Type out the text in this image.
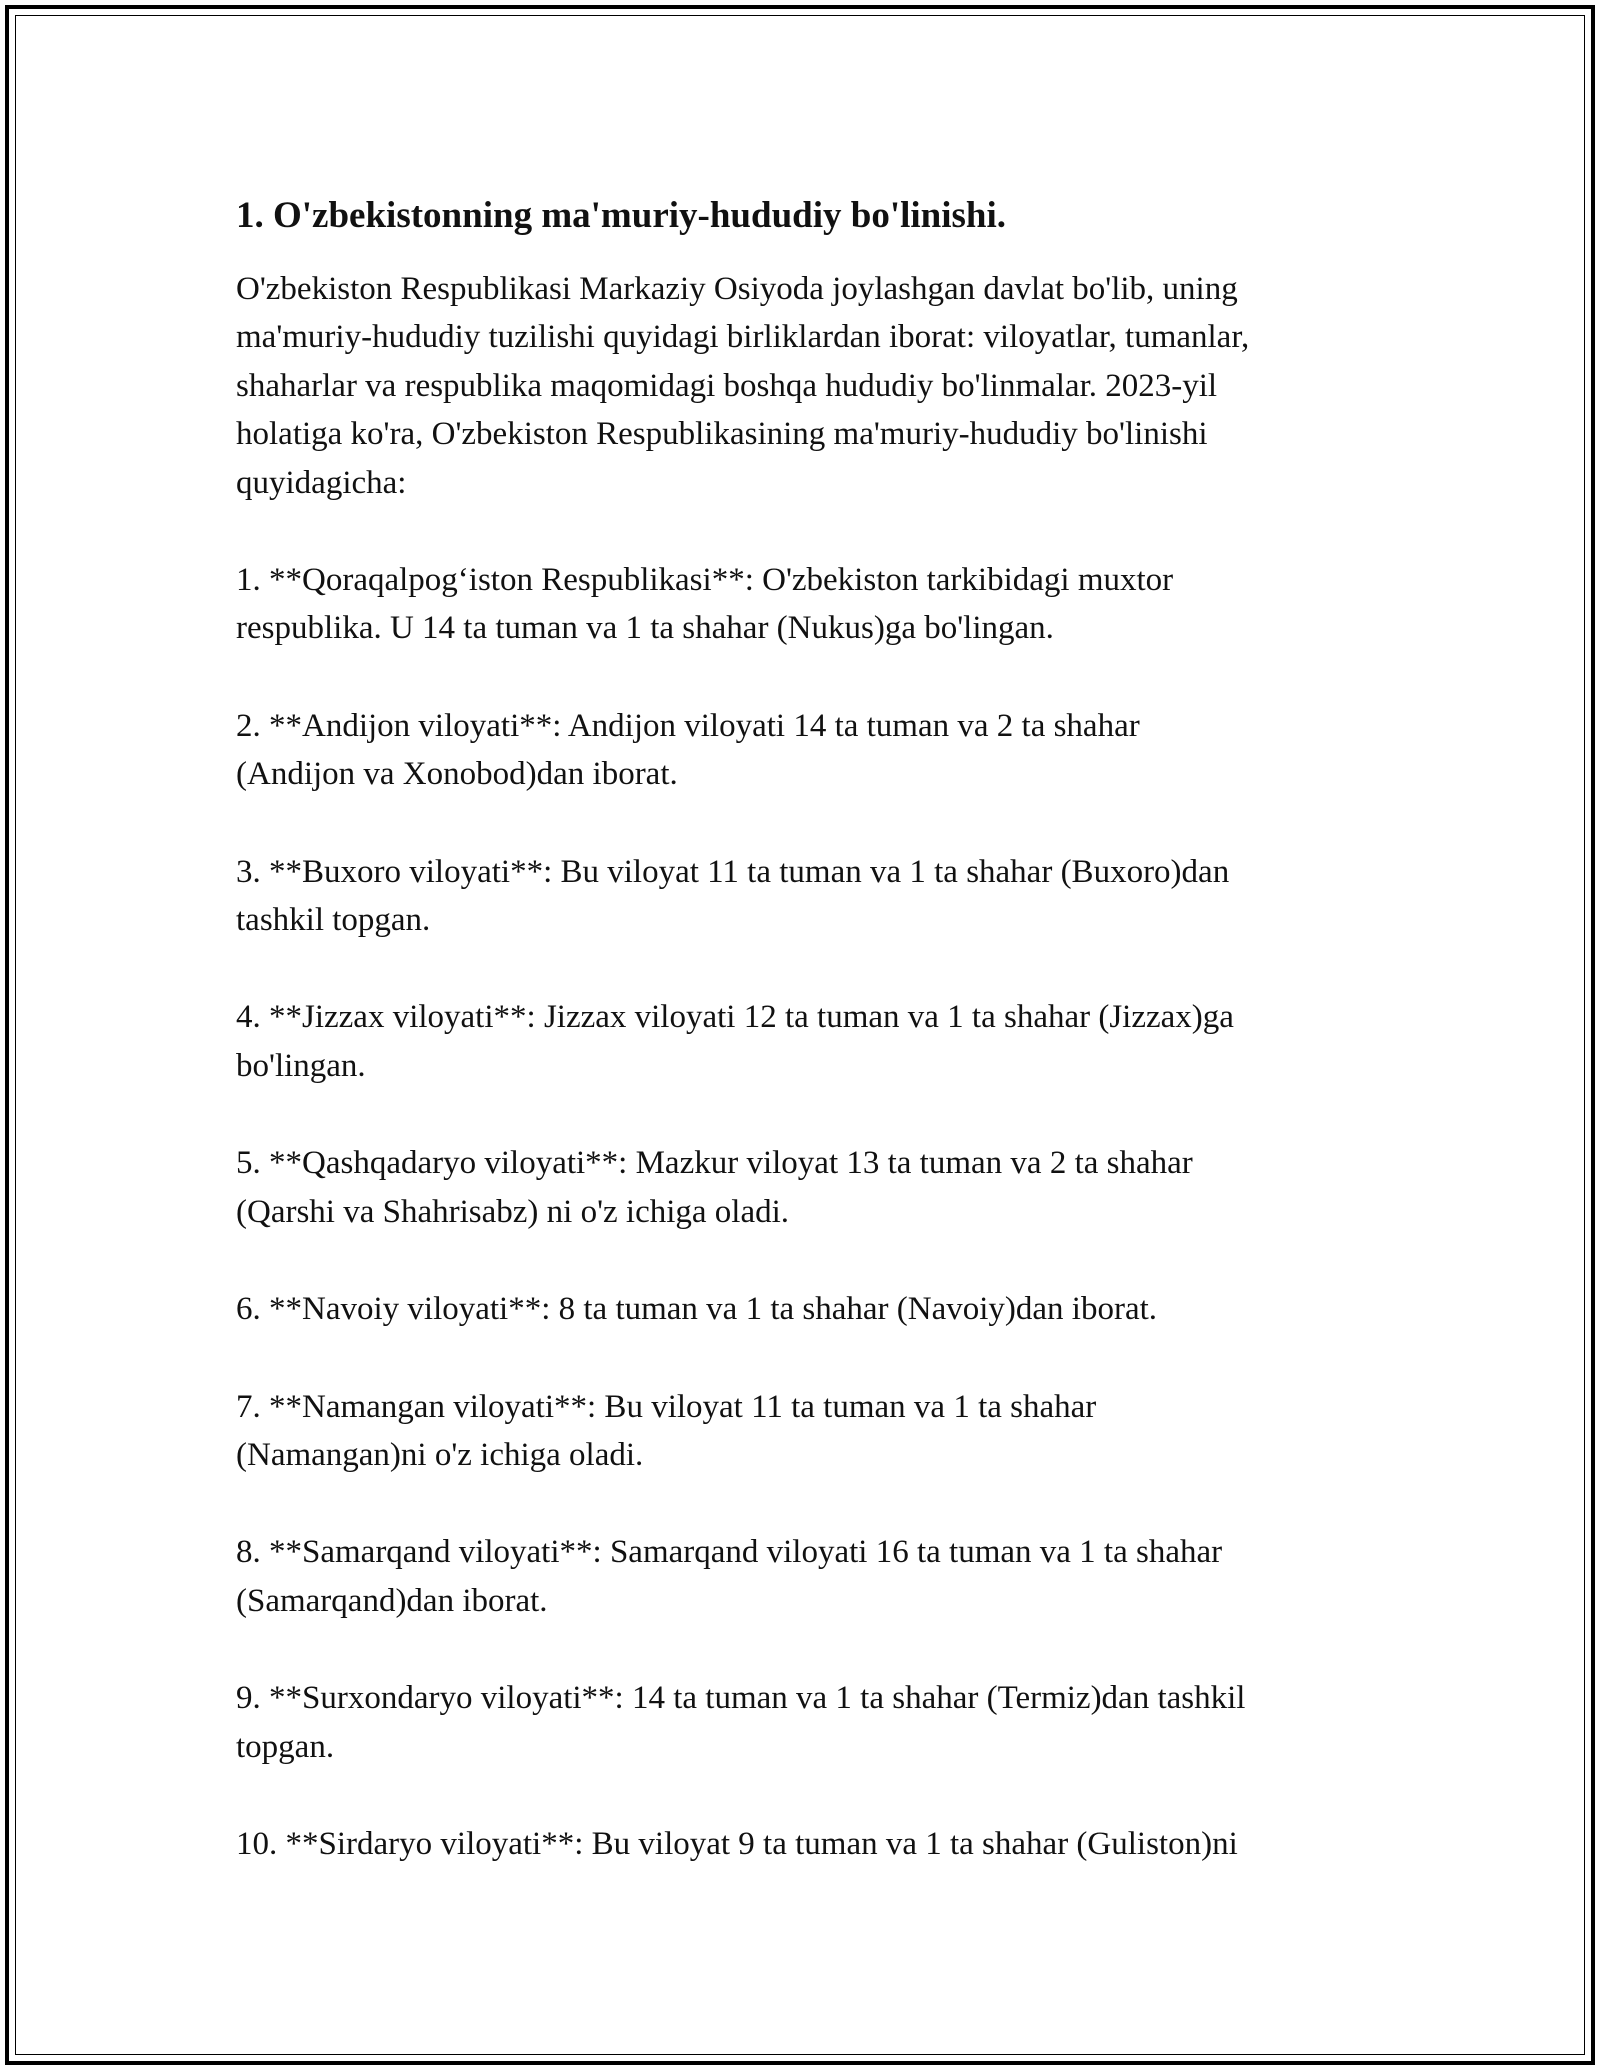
1. O'zbekistonning ma'muriy-hududiy bo'linishi.

O'zbekiston Respublikasi Markaziy Osiyoda joylashgan davlat bo'lib, uning
ma'muriy-hududiy tuzilishi quyidagi birliklardan iborat: viloyatlar, tumanlar,
shaharlar va respublika maqomidagi boshqa hududiy bo'linmalar. 2023-yil
holatiga ko'ra, O'zbekiston Respublikasining ma'muriy-hududiy bo'linishi
quyidagicha:

1. **Qoraqalpog‘iston Respublikasi**: O'zbekiston tarkibidagi muxtor
respublika. U 14 ta tuman va 1 ta shahar (Nukus)ga bo'lingan.
2. **Andijon viloyati**: Andijon viloyati 14 ta tuman va 2 ta shahar
(Andijon va Xonobod)dan iborat.
3. **Buxoro viloyati**: Bu viloyat 11 ta tuman va 1 ta shahar (Buxoro)dan
tashkil topgan.
4. **Jizzax viloyati**: Jizzax viloyati 12 ta tuman va 1 ta shahar (Jizzax)ga
bo'lingan.
5. **Qashqadaryo viloyati**: Mazkur viloyat 13 ta tuman va 2 ta shahar
(Qarshi va Shahrisabz) ni o'z ichiga oladi.
6. **Navoiy viloyati**: 8 ta tuman va 1 ta shahar (Navoiy)dan iborat.
7. **Namangan viloyati**: Bu viloyat 11 ta tuman va 1 ta shahar
(Namangan)ni o'z ichiga oladi.
8. **Samarqand viloyati**: Samarqand viloyati 16 ta tuman va 1 ta shahar
(Samarqand)dan iborat.
9. **Surxondaryo viloyati**: 14 ta tuman va 1 ta shahar (Termiz)dan tashkil
topgan.
10. **Sirdaryo viloyati**: Bu viloyat 9 ta tuman va 1 ta shahar (Guliston)ni
